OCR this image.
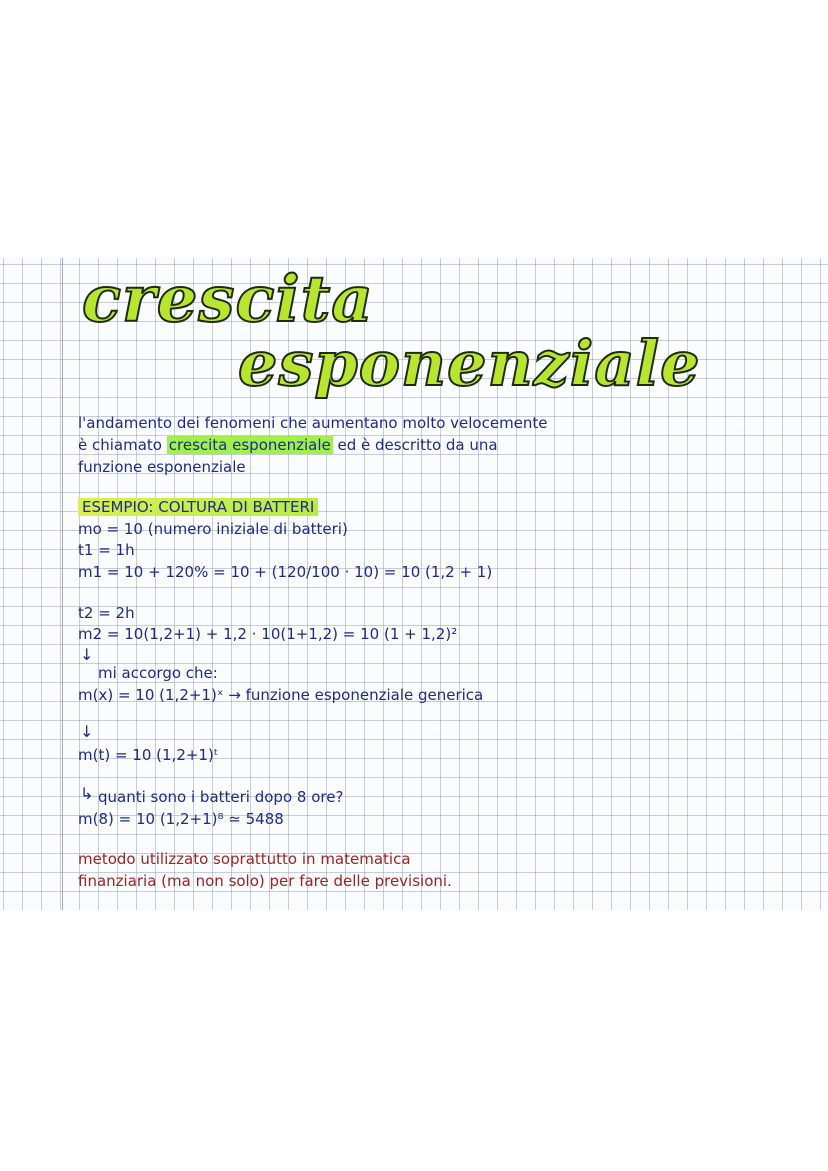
crescita
esponenziale

l'andamento dei fenomeni che aumentano molto velocemente

è chiamato crescita esponenziale ed è descritto da una

funzione esponenziale

ESEMPIO: COLTURA DI BATTERI

mo = 10 (numero iniziale di batteri)

t1 = 1h

m1 = 10 + 120% = 10 + (120/100 · 10) = 10 (1,2 + 1)

t2 = 2h

m2 = 10(1,2+1) + 1,2 · 10(1+1,2) = 10 (1 + 1,2)²

↓

mi accorgo che:

m(x) = 10 (1,2+1)ˣ → funzione esponenziale generica

↓

m(t) = 10 (1,2+1)ᵗ

↳ quanti sono i batteri dopo 8 ore?

m(8) = 10 (1,2+1)⁸ ≃ 5488

metodo utilizzato soprattutto in matematica

finanziaria (ma non solo) per fare delle previsioni.
